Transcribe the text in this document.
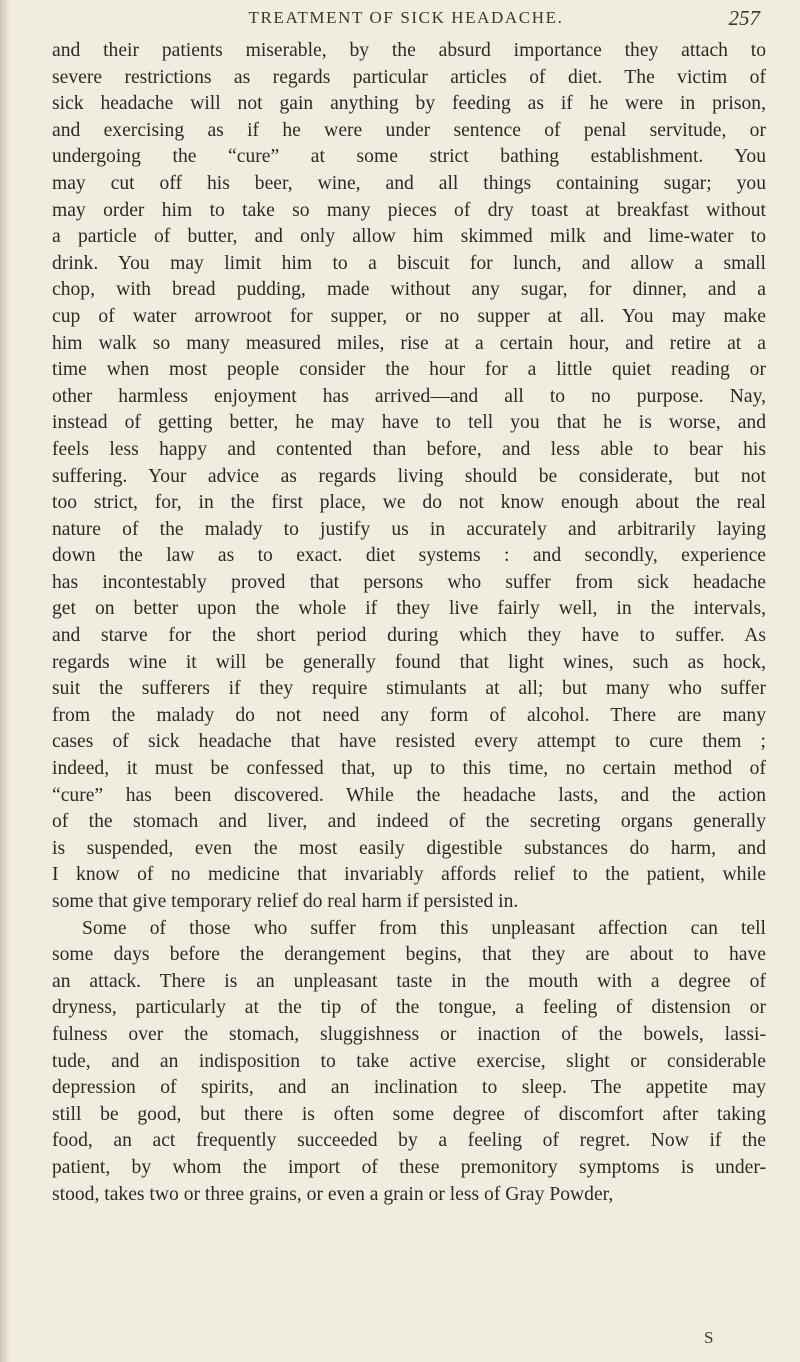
TREATMENT OF SICK HEADACHE.	257

and their patients miserable, by the absurd importance they attach to
severe restrictions as regards particular articles of diet. The victim of
sick headache will not gain anything by feeding as if he were in prison,
and exercising as if he were under sentence of penal servitude, or
undergoing the “cure” at some strict bathing establishment. You
may cut off his beer, wine, and all things containing sugar; you
may order him to take so many pieces of dry toast at breakfast without
a particle of butter, and only allow him skimmed milk and lime-water to
drink. You may limit him to a biscuit for lunch, and allow a small
chop, with bread pudding, made without any sugar, for dinner, and a
cup of water arrowroot for supper, or no supper at all. You may make
him walk so many measured miles, rise at a certain hour, and retire at a
time when most people consider the hour for a little quiet reading or
other harmless enjoyment has arrived—and all to no purpose. Nay,
instead of getting better, he may have to tell you that he is worse, and
feels less happy and contented than before, and less able to bear his
suffering. Your advice as regards living should be considerate, but not
too strict, for, in the first place, we do not know enough about the real
nature of the malady to justify us in accurately and arbitrarily laying
down the law as to exact. diet systems : and secondly, experience
has incontestably proved that persons who suffer from sick headache
get on better upon the whole if they live fairly well, in the intervals,
and starve for the short period during which they have to suffer. As
regards wine it will be generally found that light wines, such as hock,
suit the sufferers if they require stimulants at all; but many who suffer
from the malady do not need any form of alcohol. There are many
cases of sick headache that have resisted every attempt to cure them ;
indeed, it must be confessed that, up to this time, no certain method of
“cure” has been discovered. While the headache lasts, and the action
of the stomach and liver, and indeed of the secreting organs generally
is suspended, even the most easily digestible substances do harm, and
I know of no medicine that invariably affords relief to the patient, while
some that give temporary relief do real harm if persisted in.

Some of those who suffer from this unpleasant affection can tell
some days before the derangement begins, that they are about to have
an attack. There is an unpleasant taste in the mouth with a degree of
dryness, particularly at the tip of the tongue, a feeling of distension or
fulness over the stomach, sluggishness or inaction of the bowels, lassi-
tude, and an indisposition to take active exercise, slight or considerable
depression of spirits, and an inclination to sleep. The appetite may
still be good, but there is often some degree of discomfort after taking
food, an act frequently succeeded by a feeling of regret. Now if the
patient, by whom the import of these premonitory symptoms is under-
stood, takes two or three grains, or even a grain or less of Gray Powder,

S
